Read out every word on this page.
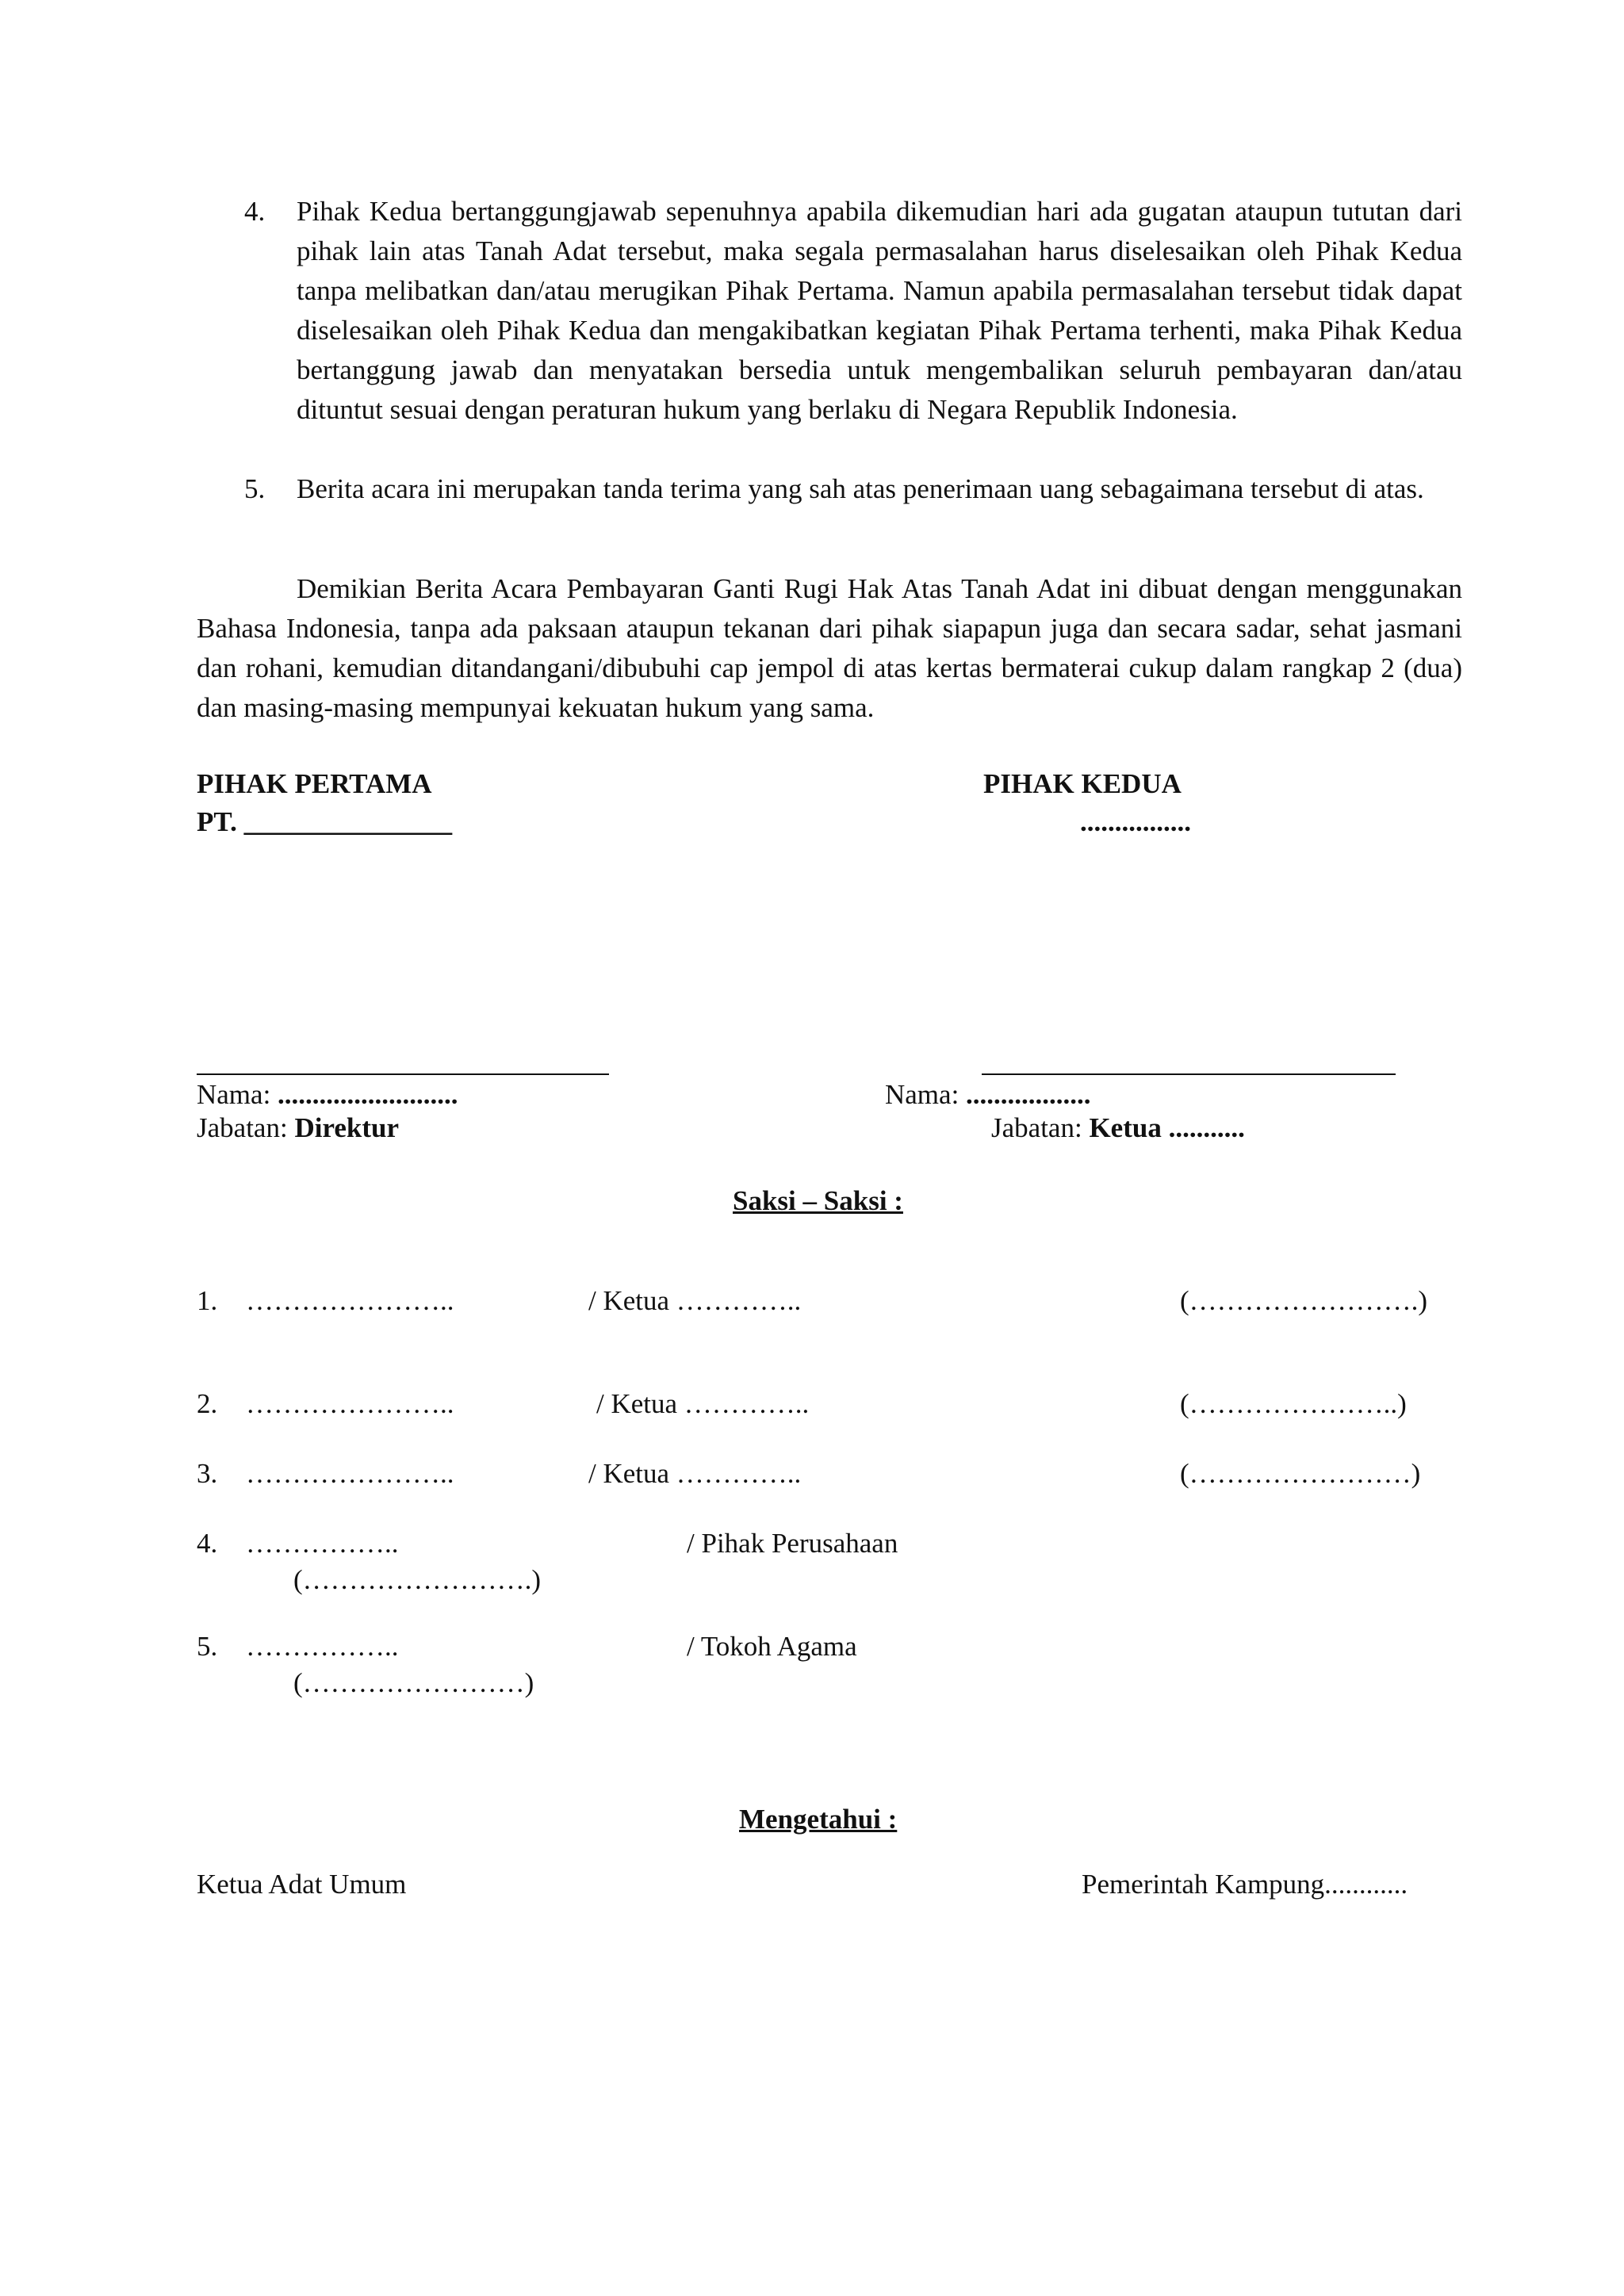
4. Pihak Kedua bertanggungjawab sepenuhnya apabila dikemudian hari ada gugatan ataupun tututan dari pihak lain atas Tanah Adat tersebut, maka segala permasalahan harus diselesaikan oleh Pihak Kedua tanpa melibatkan dan/atau merugikan Pihak Pertama. Namun apabila permasalahan tersebut tidak dapat diselesaikan oleh Pihak Kedua dan mengakibatkan kegiatan Pihak Pertama terhenti, maka Pihak Kedua bertanggung jawab dan menyatakan bersedia untuk mengembalikan seluruh pembayaran dan/atau dituntut sesuai dengan peraturan hukum yang berlaku di Negara Republik Indonesia.
5. Berita acara ini merupakan tanda terima yang sah atas penerimaan uang sebagaimana tersebut di atas.
Demikian Berita Acara Pembayaran Ganti Rugi Hak Atas Tanah Adat ini dibuat dengan menggunakan Bahasa Indonesia, tanpa ada paksaan ataupun tekanan dari pihak siapapun juga dan secara sadar, sehat jasmani dan rohani, kemudian ditandangani/dibubuhi cap jempol di atas kertas bermaterai cukup dalam rangkap 2 (dua) dan masing-masing mempunyai kekuatan hukum yang sama.
PIHAK PERTAMA
PT. _______________
PIHAK KEDUA
................
Nama: ..........................
Jabatan: Direktur
Nama: ..................
Jabatan: Ketua ...........
Saksi – Saksi :
1. …………………..	/ Ketua …………..	(…………………….)
2. …………………..	/ Ketua …………..	(…………………..)
3. …………………..	/ Ketua …………..	(……………………)
4. ……………..	/ Pihak Perusahaan
(…………………….)
5. ……………..	/ Tokoh Agama
(……………………)
Mengetahui :
Ketua Adat Umum	Pemerintah Kampung............
